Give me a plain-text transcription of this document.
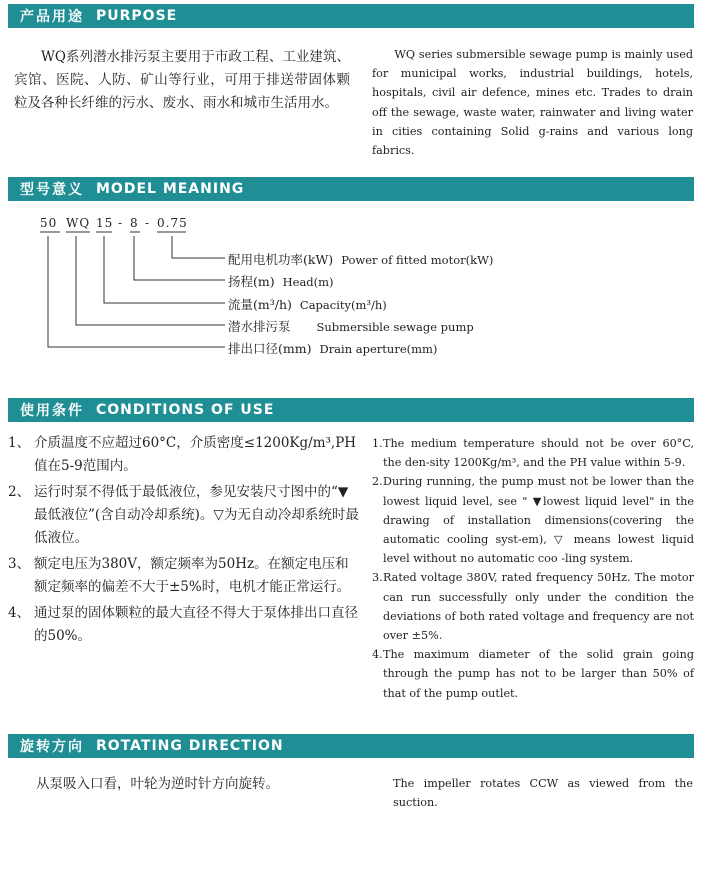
产品用途 PURPOSE
WQ系列潜水排污泵主要用于市政工程、工业建筑、宾馆、医院、人防、矿山等行业，可用于排送带固体颗粒及各种长纤维的污水、废水、雨水和城市生活用水。
WQ series submersible sewage pump is mainly used for municipal works, industrial buildings, hotels, hospitals, civil air defence, mines etc. Trades to drain off the sewage, waste water, rainwater and living water in cities containing Solid g-rains and various long fabrics.
型号意义 MODEL MEANING
50 WQ 15 - 8 - 0.75
配用电机功率(kW) Power of fitted motor(kW)
扬程(m) Head(m)
流量(m³/h) Capacity(m³/h)
潜水排污泵 Submersible sewage pump
排出口径(mm) Drain aperture(mm)
使用条件 CONDITIONS OF USE
1、 介质温度不应超过60°C，介质密度≤1200Kg/m³,PH值在5-9范围内。
2、 运行时泵不得低于最低液位，参见安装尺寸图中的“▼最低液位”(含自动冷却系统)。▽为无自动冷却系统时最低液位。
3、 额定电压为380V，额定频率为50Hz。在额定电压和额定频率的偏差不大于±5%时，电机才能正常运行。
4、 通过泵的固体颗粒的最大直径不得大于泵体排出口直径的50%。
1. The medium temperature should not be over 60°C, the den-sity 1200Kg/m³, and the PH value within 5-9.
2. During running, the pump must not be lower than the lowest liquid level, see " ▼lowest liquid level" in the drawing of installation dimensions(covering the automatic cooling syst-em), ▽ means lowest liquid level without no automatic coo -ling system.
3. Rated voltage 380V, rated frequency 50Hz. The motor can run successfully only under the condition the deviations of both rated voltage and frequency are not over ±5%.
4. The maximum diameter of the solid grain going through the pump has not to be larger than 50% of that of the pump outlet.
旋转方向 ROTATING DIRECTION
从泵吸入口看，叶轮为逆时针方向旋转。	The impeller rotates CCW as viewed from the suction.
